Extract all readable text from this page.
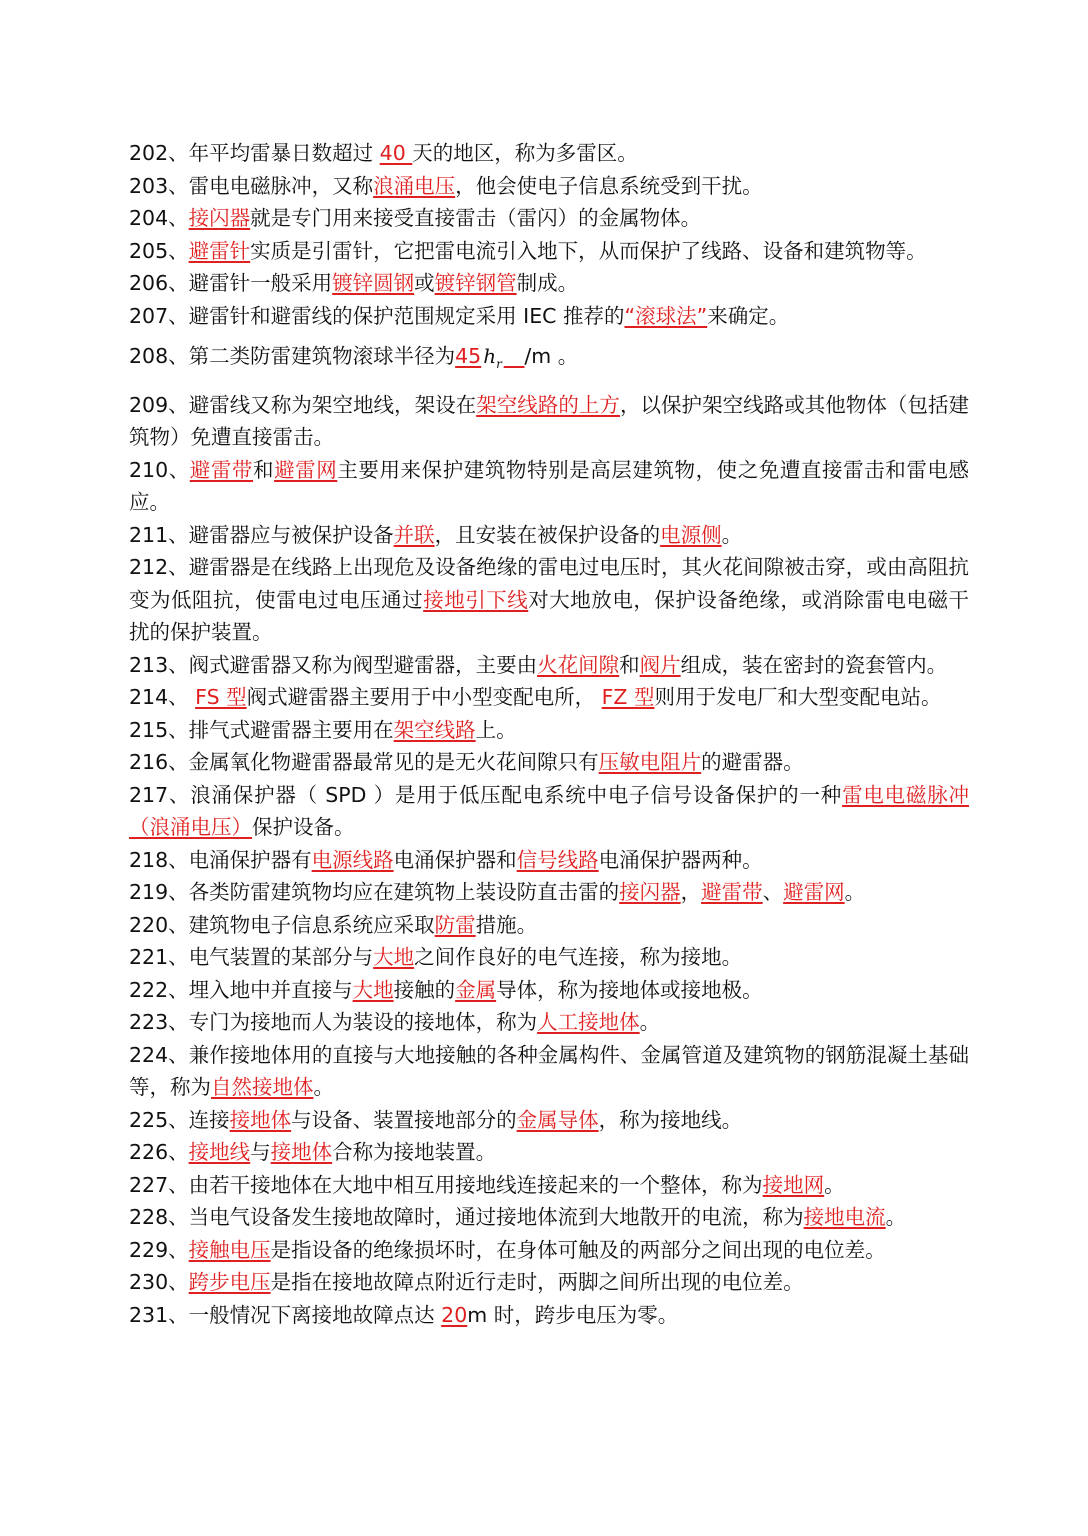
202、年平均雷暴日数超过 40 天的地区，称为多雷区。

203、雷电电磁脉冲，又称浪涌电压，他会使电子信息系统受到干扰。

204、接闪器就是专门用来接受直接雷击（雷闪）的金属物体。

205、避雷针实质是引雷针，它把雷电流引入地下，从而保护了线路、设备和建筑物等。

206、避雷针一般采用镀锌圆钢或镀锌钢管制成。

207、避雷针和避雷线的保护范围规定采用 IEC 推荐的“滚球法”来确定。

208、第二类防雷建筑物滚球半径为45 $h_r\_\_/m$ 。

209、避雷线又称为架空地线，架设在架空线路的上方，以保护架空线路或其他物体（包括建筑物）免遭直接雷击。

210、避雷带和避雷网主要用来保护建筑物特别是高层建筑物，使之免遭直接雷击和雷电感应。

211、避雷器应与被保护设备并联，且安装在被保护设备的电源侧。

212、避雷器是在线路上出现危及设备绝缘的雷电过电压时，其火花间隙被击穿，或由高阻抗变为低阻抗，使雷电过电压通过接地引下线对大地放电，保护设备绝缘，或消除雷电电磁干扰的保护装置。

213、阀式避雷器又称为阀型避雷器，主要由火花间隙和阀片组成，装在密封的瓷套管内。

214、 FS 型阀式避雷器主要用于中小型变配电所， FZ 型则用于发电厂和大型变配电站。

215、排气式避雷器主要用在架空线路上。

216、金属氧化物避雷器最常见的是无火花间隙只有压敏电阻片的避雷器。

217、浪涌保护器（ SPD ）是用于低压配电系统中电子信号设备保护的一种雷电电磁脉冲（浪涌电压）保护设备。

218、电涌保护器有电源线路电涌保护器和信号线路电涌保护器两种。

219、各类防雷建筑物均应在建筑物上装设防直击雷的接闪器，避雷带、避雷网。

220、建筑物电子信息系统应采取防雷措施。

221、电气装置的某部分与大地之间作良好的电气连接，称为接地。

222、埋入地中并直接与大地接触的金属导体，称为接地体或接地极。

223、专门为接地而人为装设的接地体，称为人工接地体。

224、兼作接地体用的直接与大地接触的各种金属构件、金属管道及建筑物的钢筋混凝土基础等，称为自然接地体。

225、连接接地体与设备、装置接地部分的金属导体，称为接地线。

226、接地线与接地体合称为接地装置。

227、由若干接地体在大地中相互用接地线连接起来的一个整体，称为接地网。

228、当电气设备发生接地故障时，通过接地体流到大地散开的电流，称为接地电流。

229、接触电压是指设备的绝缘损坏时，在身体可触及的两部分之间出现的电位差。

230、跨步电压是指在接地故障点附近行走时，两脚之间所出现的电位差。

231、一般情况下离接地故障点达 20m 时，跨步电压为零。
